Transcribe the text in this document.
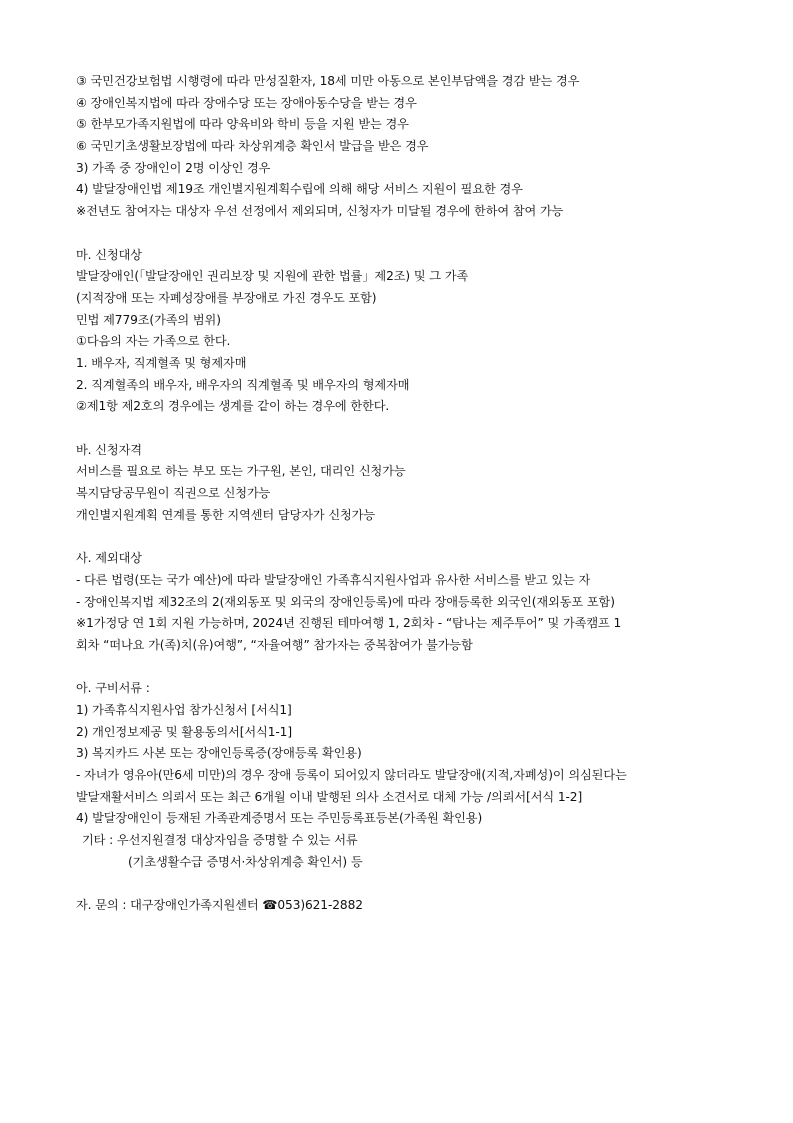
③ 국민건강보험법 시행령에 따라 만성질환자, 18세 미만 아동으로 본인부담액을 경감 받는 경우
④ 장애인복지법에 따라 장애수당 또는 장애아동수당을 받는 경우
⑤ 한부모가족지원법에 따라 양육비와 학비 등을 지원 받는 경우
⑥ 국민기초생활보장법에 따라 차상위계층 확인서 발급을 받은 경우
3) 가족 중 장애인이 2명 이상인 경우
4) 발달장애인법 제19조 개인별지원계획수립에 의해 해당 서비스 지원이 필요한 경우
※전년도 참여자는 대상자 우선 선정에서 제외되며, 신청자가 미달될 경우에 한하여 참여 가능
마. 신청대상
발달장애인(「발달장애인 권리보장 및 지원에 관한 법률」제2조) 및 그 가족
(지적장애 또는 자폐성장애를 부장애로 가진 경우도 포함)
민법 제779조(가족의 범위)
①다음의 자는 가족으로 한다.
1. 배우자, 직계혈족 및 형제자매
2. 직계혈족의 배우자, 배우자의 직계혈족 및 배우자의 형제자매
②제1항 제2호의 경우에는 생계를 같이 하는 경우에 한한다.
바. 신청자격
서비스를 필요로 하는 부모 또는 가구원, 본인, 대리인 신청가능
복지담당공무원이 직권으로 신청가능
개인별지원계획 연계를 통한 지역센터 담당자가 신청가능
사. 제외대상
- 다른 법령(또는 국가 예산)에 따라 발달장애인 가족휴식지원사업과 유사한 서비스를 받고 있는 자
- 장애인복지법 제32조의 2(재외동포 및 외국의 장애인등록)에 따라 장애등록한 외국인(재외동포 포함)
※1가정당 연 1회 지원 가능하며, 2024년 진행된 테마여행 1, 2회차 - “탐나는 제주투어” 및 가족캠프 1
회차 “떠나요 가(족)치(유)여행”, “자율여행” 참가자는 중복참여가 불가능함
아. 구비서류 :
1) 가족휴식지원사업 참가신청서 [서식1]
2) 개인정보제공 및 활용동의서[서식1-1]
3) 복지카드 사본 또는 장애인등록증(장애등록 확인용)
- 자녀가 영유아(만6세 미만)의 경우 장애 등록이 되어있지 않더라도 발달장애(지적,자폐성)이 의심된다는
발달재활서비스 의뢰서 또는 최근 6개월 이내 발행된 의사 소견서로 대체 가능 /의뢰서[서식 1-2]
4) 발달장애인이 등재된 가족관계증명서 또는 주민등록표등본(가족원 확인용)
기타 : 우선지원결정 대상자임을 증명할 수 있는 서류
(기초생활수급 증명서·차상위계층 확인서) 등
자. 문의 : 대구장애인가족지원센터 ☎053)621-2882
